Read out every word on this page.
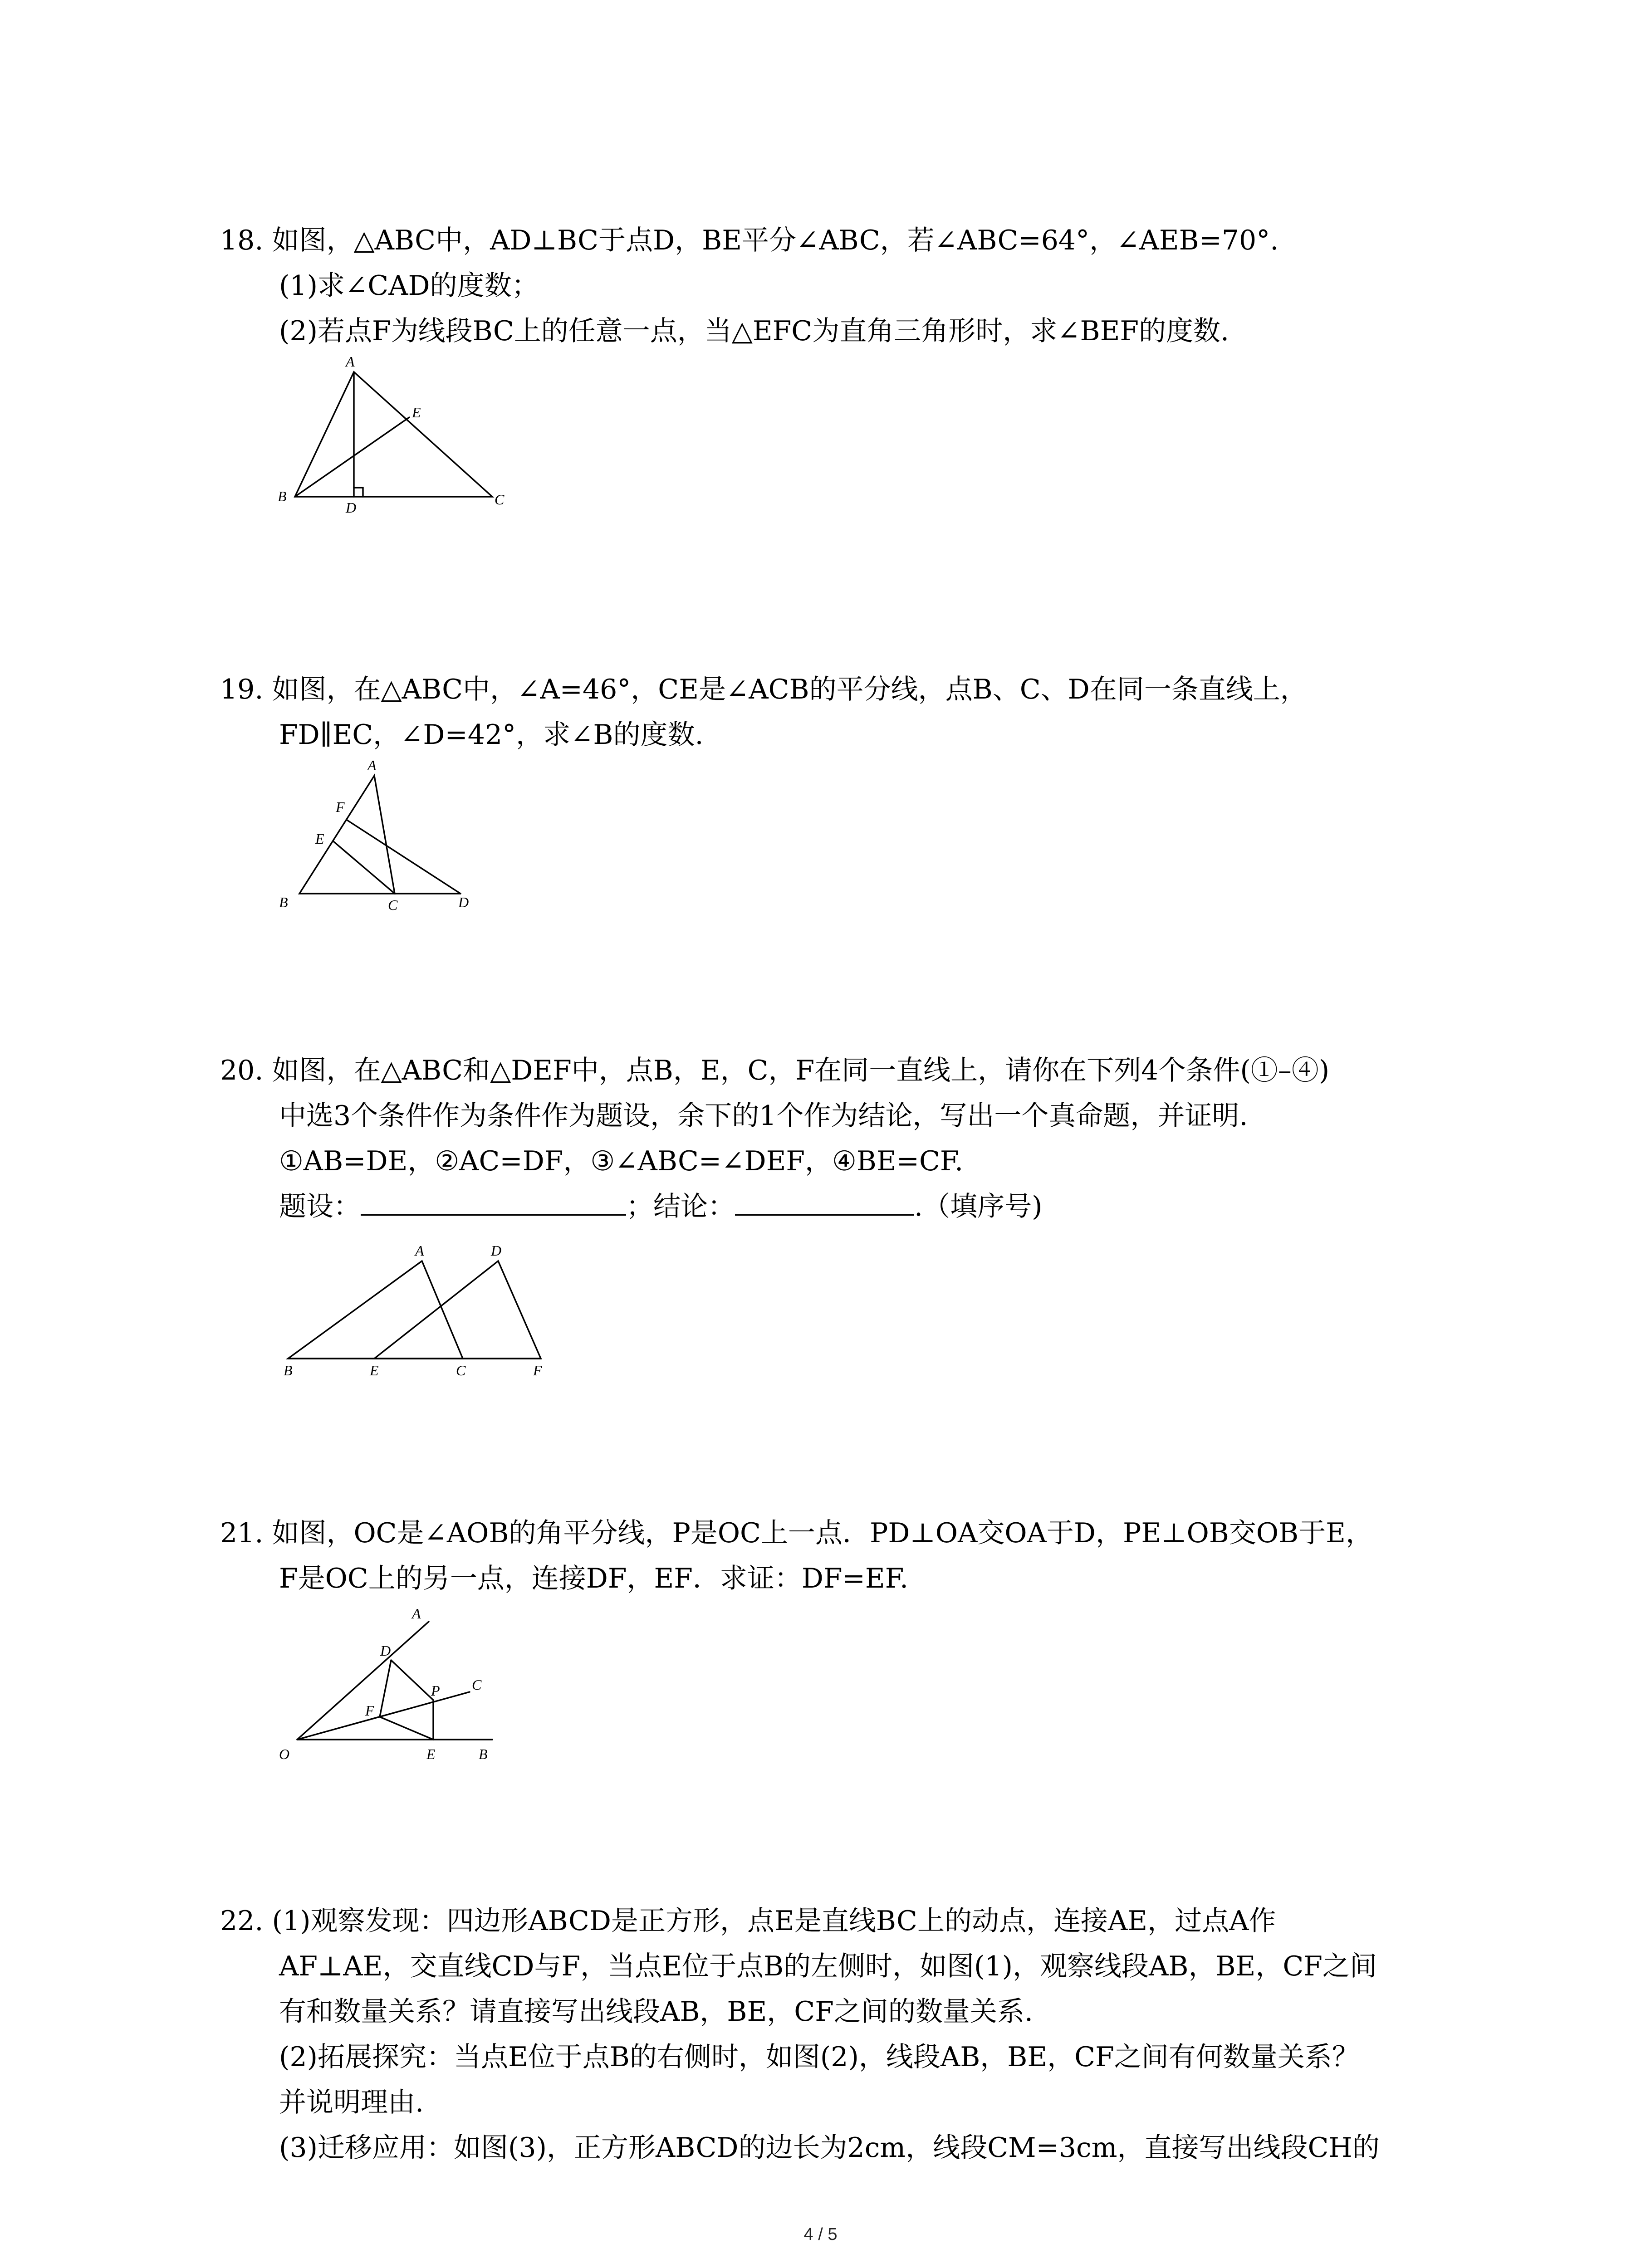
18. 如图，△ABC中，AD⊥BC于点D，BE平分∠ABC，若∠ABC=64°，∠AEB=70°.
(1)求∠CAD的度数；
(2)若点F为线段BC上的任意一点，当△EFC为直角三角形时，求∠BEF的度数.
A
B	C
D
E
19. 如图，在△ABC中，∠A=46°，CE是∠ACB的平分线，点B、C、D在同一条直线上，
FD∥EC，∠D=42°，求∠B的度数.
A
B	C	D
E
F
20. 如图，在△ABC和△DEF中，点B，E，C，F在同一直线上，请你在下列4个条件(①–④)
中选3个条件作为条件作为题设，余下的1个作为结论，写出一个真命题，并证明.
①AB=DE，②AC=DF，③∠ABC=∠DEF，④BE=CF.
题设：	；结论：	.（填序号)
A
B	C
D
E	F
21. 如图，OC是∠AOB的角平分线，P是OC上一点．PD⊥OA交OA于D，PE⊥OB交OB于E，
F是OC上的另一点，连接DF，EF．求证：DF=EF.
A
B
C
D
E
F
O
P
22. (1)观察发现：四边形ABCD是正方形，点E是直线BC上的动点，连接AE，过点A作
AF⊥AE，交直线CD与F，当点E位于点B的左侧时，如图(1)，观察线段AB，BE，CF之间
有和数量关系？请直接写出线段AB，BE，CF之间的数量关系.
(2)拓展探究：当点E位于点B的右侧时，如图(2)，线段AB，BE，CF之间有何数量关系？
并说明理由.
(3)迁移应用：如图(3)，正方形ABCD的边长为2cm，线段CM=3cm，直接写出线段CH的
4 / 5
